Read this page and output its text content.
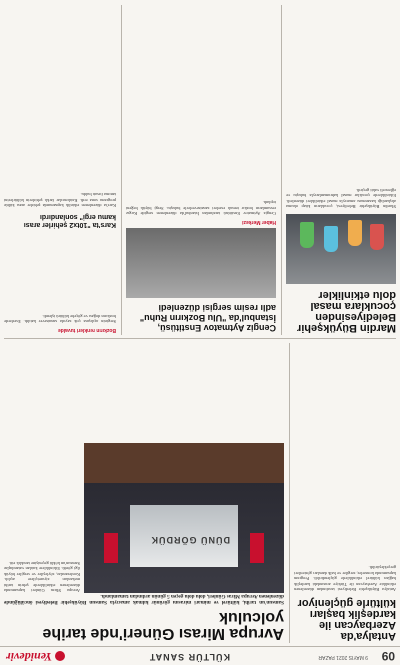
09
9 MAYIS 2021 PAZAR
KÜLTÜR SANAT
Yenidevir
Antalya'da Azerbaycan ile kardeşlik başları kültürle güçleniyor
Antalya Büyükşehir Belediyesi tarafından düzenlenen etkinlikte Azerbaycan ile Türkiye arasındaki kardeşlik bağları kültürel etkinliklerle güçlendirildi. Program kapsamında konserler, sergiler ve halk dansları gösterileri gerçekleştirildi.
Avrupa Mirası Güneri'nde tarihe yolculuk
Samsun'un tarihi, kültürel ve mimari mirasını görünür kılmak amacıyla Samsun Büyükşehir Belediyesi öncülüğünde düzenlenen Avrupa Miras Günleri, dolu dolu geçen 5 günün ardından tamamlandı.
DÜNÜ GÖRDÜK
Avrupa Miras Günleri kapsamında düzenlenen etkinliklerde şehrin tarihi mekanları ziyaretçilere açıldı. Konferanslar, söyleşiler ve sergiler büyük ilgi gördü. Etkinliklere katılan vatandaşlar Samsun'un köklü geçmişine tanıklık etti.
Mardin Büyükşehir Belediyesinden çocuklara masal dolu etkinlikler
Mardin Büyükşehir Belediyesi, çocukların kitap okuma alışkanlığı kazanması amacıyla masal etkinlikleri düzenledi. Etkinliklerde çocuklar masal kahramanlarıyla buluştu ve eğlenceli vakit geçirdi.
Cengiz Aytmatov Enstitüsü, İstanbul'da "Ulu Bozkırın Ruhu" adlı resim sergisi düzenledi
Haber Merkezi
Cengiz Aytmatov Enstitüsü tarafından İstanbul'da düzenlenen sergide Kırgız ressamların bozkır temalı eserleri sanatseverlerle buluştu. Sergi büyük beğeni topladı.
Bozkırın renkleri tuvalde
Serginin açılışına çok sayıda sanatsever katıldı. Eserlerde bozkırın doğası ve göçebe kültürü işlendi.
Kars'ta "10tx2 şehirler arası kamu ergi" sonlandırdı
Kars'ta düzenlenen etkinlik kapsamında şehirler arası kültür programı sona erdi. Katılımcılar farklı şehirlerin kültürlerini tanıma fırsatı buldu.
